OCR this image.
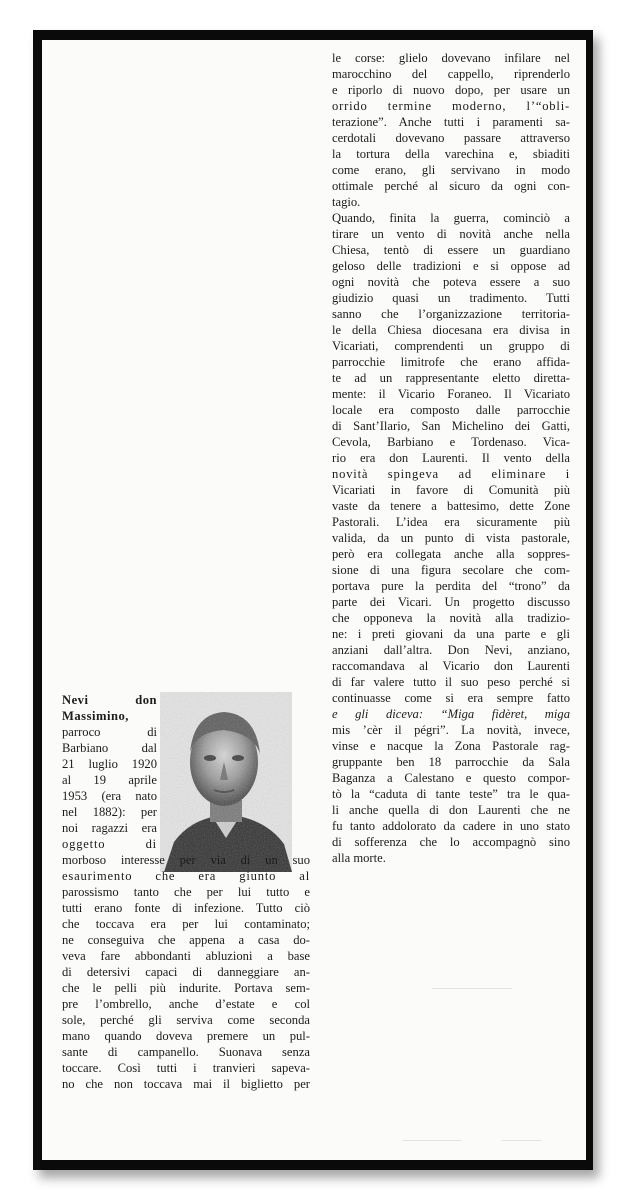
Nevi don

Massimino,

parroco di

Barbiano dal

21 luglio 1920

al 19 aprile

1953 (era nato

nel 1882): per

noi ragazzi era

oggetto di

morboso interesse per via di un suo

esaurimento che era giunto al

parossismo tanto che per lui tutto e

tutti erano fonte di infezione. Tutto ciò

che toccava era per lui contaminato;

ne conseguiva che appena a casa do-

veva fare abbondanti abluzioni a base

di detersivi capaci di danneggiare an-

che le pelli più indurite. Portava sem-

pre l’ombrello, anche d’estate e col

sole, perché gli serviva come seconda

mano quando doveva premere un pul-

sante di campanello. Suonava senza

toccare. Così tutti i tranvieri sapeva-

no che non toccava mai il biglietto per

le corse: glielo dovevano infilare nel

marocchino del cappello, riprenderlo

e riporlo di nuovo dopo, per usare un

orrido termine moderno, l’“obli-

terazione”. Anche tutti i paramenti sa-

cerdotali dovevano passare attraverso

la tortura della varechina e, sbiaditi

come erano, gli servivano in modo

ottimale perché al sicuro da ogni con-

tagio.

Quando, finita la guerra, cominciò a

tirare un vento di novità anche nella

Chiesa, tentò di essere un guardiano

geloso delle tradizioni e si oppose ad

ogni novità che poteva essere a suo

giudizio quasi un tradimento. Tutti

sanno che l’organizzazione territoria-

le della Chiesa diocesana era divisa in

Vicariati, comprendenti un gruppo di

parrocchie limitrofe che erano affida-

te ad un rappresentante eletto diretta-

mente: il Vicario Foraneo. Il Vicariato

locale era composto dalle parrocchie

di Sant’Ilario, San Michelino dei Gatti,

Cevola, Barbiano e Tordenaso. Vica-

rio era don Laurenti. Il vento della

novità spingeva ad eliminare i

Vicariati in favore di Comunità più

vaste da tenere a battesimo, dette Zone

Pastorali. L’idea era sicuramente più

valida, da un punto di vista pastorale,

però era collegata anche alla soppres-

sione di una figura secolare che com-

portava pure la perdita del “trono” da

parte dei Vicari. Un progetto discusso

che opponeva la novità alla tradizio-

ne: i preti giovani da una parte e gli

anziani dall’altra. Don Nevi, anziano,

raccomandava al Vicario don Laurenti

di far valere tutto il suo peso perché si

continuasse come si era sempre fatto

e gli diceva: “Miga fidèret, miga

mis ’cèr il pégri”. La novità, invece,

vinse e nacque la Zona Pastorale rag-

gruppante ben 18 parrocchie da Sala

Baganza a Calestano e questo compor-

tò la “caduta di tante teste” tra le qua-

li anche quella di don Laurenti che ne

fu tanto addolorato da cadere in uno stato

di sofferenza che lo accompagnò sino

alla morte.
